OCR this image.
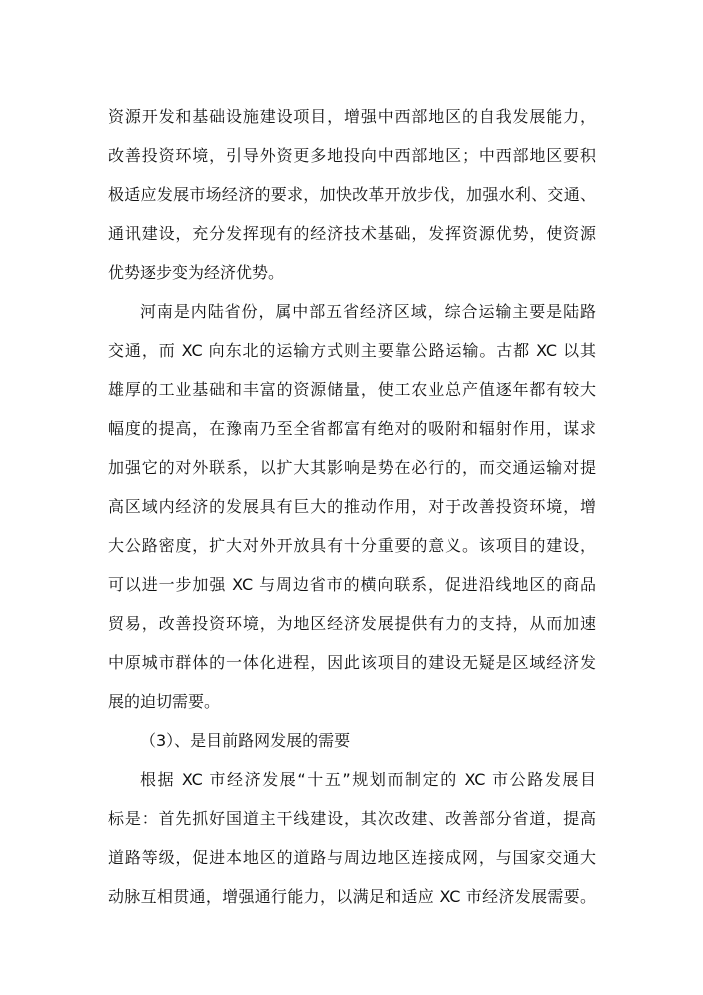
资源开发和基础设施建设项目，增强中西部地区的自我发展能力，
改善投资环境，引导外资更多地投向中西部地区；中西部地区要积
极适应发展市场经济的要求，加快改革开放步伐，加强水利、交通、
通讯建设，充分发挥现有的经济技术基础，发挥资源优势，使资源
优势逐步变为经济优势。
河南是内陆省份，属中部五省经济区域，综合运输主要是陆路
交通，而 XC 向东北的运输方式则主要靠公路运输。古都 XC 以其
雄厚的工业基础和丰富的资源储量，使工农业总产值逐年都有较大
幅度的提高，在豫南乃至全省都富有绝对的吸附和辐射作用，谋求
加强它的对外联系，以扩大其影响是势在必行的，而交通运输对提
高区域内经济的发展具有巨大的推动作用，对于改善投资环境，增
大公路密度，扩大对外开放具有十分重要的意义。该项目的建设，
可以进一步加强 XC 与周边省市的横向联系，促进沿线地区的商品
贸易，改善投资环境，为地区经济发展提供有力的支持，从而加速
中原城市群体的一体化进程，因此该项目的建设无疑是区域经济发
展的迫切需要。
（3）、是目前路网发展的需要
根据 XC 市经济发展“十五”规划而制定的 XC 市公路发展目
标是：首先抓好国道主干线建设，其次改建、改善部分省道，提高
道路等级，促进本地区的道路与周边地区连接成网，与国家交通大
动脉互相贯通，增强通行能力，以满足和适应 XC 市经济发展需要。
